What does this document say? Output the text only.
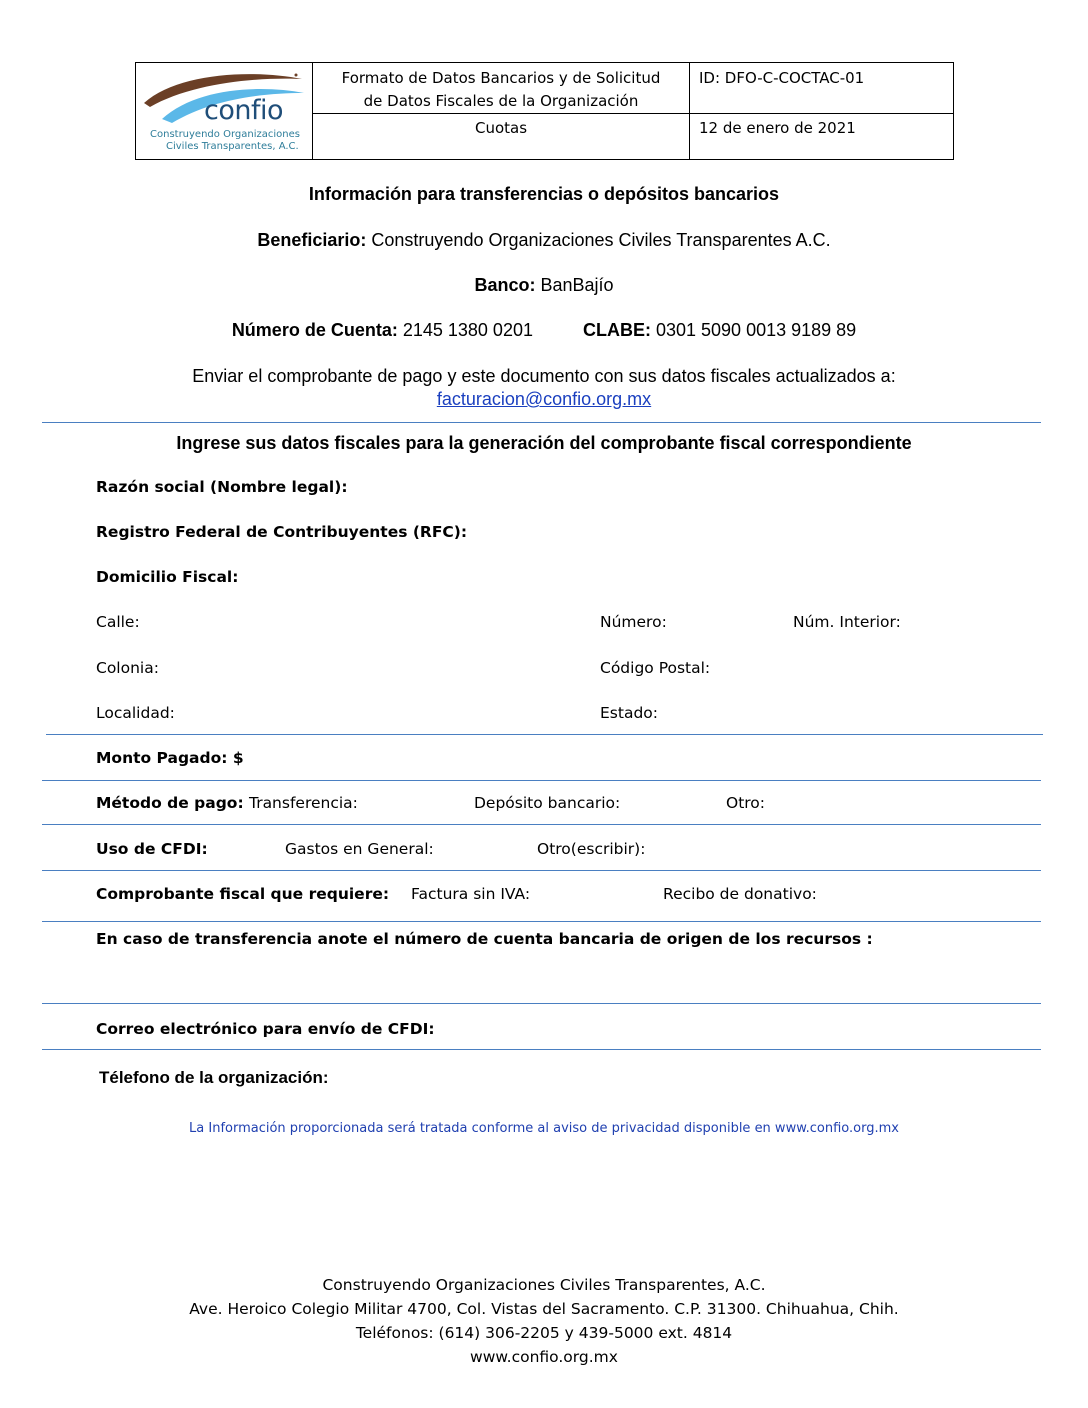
confio
Construyendo Organizaciones
Civiles Transparentes, A.C.
Formato de Datos Bancarios y de Solicitud
de Datos Fiscales de la Organización
ID: DFO-C-COCTAC-01
Cuotas	12 de enero de 2021
Información para transferencias o depósitos bancarios
Beneficiario: Construyendo Organizaciones Civiles Transparentes A.C.
Banco: BanBajío
Número de Cuenta: 2145 1380 0201	CLABE: 0301 5090 0013 9189 89
Enviar el comprobante de pago y este documento con sus datos fiscales actualizados a:
facturacion@confio.org.mx
Ingrese sus datos fiscales para la generación del comprobante fiscal correspondiente
Razón social (Nombre legal):
Registro Federal de Contribuyentes (RFC):
Domicilio Fiscal:
Calle:	Número:	Núm. Interior:
Colonia:	Código Postal:
Localidad:	Estado:
Monto Pagado: $
Método de pago: Transferencia:	Depósito bancario:	Otro:
Uso de CFDI:	Gastos en General:	Otro(escribir):
Comprobante fiscal que requiere: Factura sin IVA:	Recibo de donativo:
En caso de transferencia anote el número de cuenta bancaria de origen de los recursos :
Correo electrónico para envío de CFDI:
Télefono de la organización:
La Información proporcionada será tratada conforme al aviso de privacidad disponible en www.confio.org.mx
Construyendo Organizaciones Civiles Transparentes, A.C.
Ave. Heroico Colegio Militar 4700, Col. Vistas del Sacramento. C.P. 31300. Chihuahua, Chih.
Teléfonos: (614) 306-2205 y 439-5000 ext. 4814
www.confio.org.mx
